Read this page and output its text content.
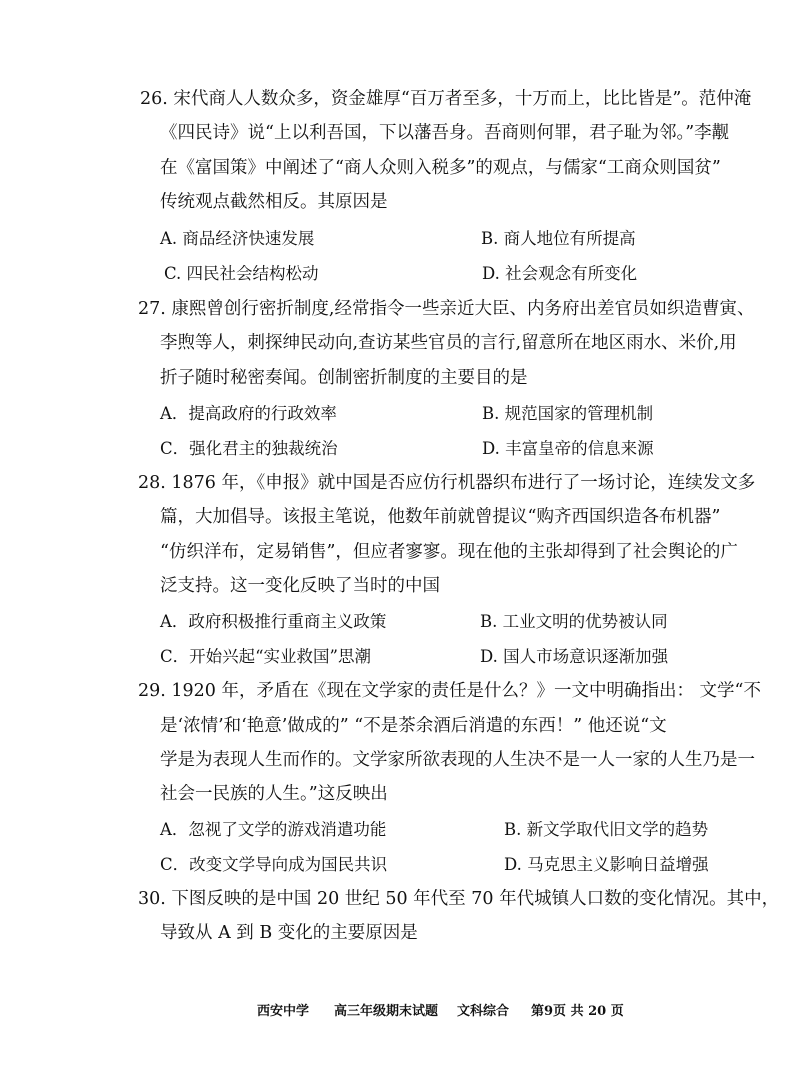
26. 宋代商人人数众多，资金雄厚“百万者至多，十万而上，比比皆是”。范仲淹
《四民诗》说“上以利吾国，下以藩吾身。吾商则何罪，君子耻为邻。”李觏
在《富国策》中阐述了“商人众则入税多”的观点，与儒家“工商众则国贫”
传统观点截然相反。其原因是
A. 商品经济快速发展	B. 商人地位有所提高
C. 四民社会结构松动	D. 社会观念有所变化
27. 康熙曾创行密折制度,经常指令一些亲近大臣、内务府出差官员如织造曹寅、
李煦等人，刺探绅民动向,查访某些官员的言行,留意所在地区雨水、米价,用
折子随时秘密奏闻。创制密折制度的主要目的是
A．提高政府的行政效率	B. 规范国家的管理机制
C．强化君主的独裁统治	D. 丰富皇帝的信息来源
28. 1876 年，《申报》就中国是否应仿行机器织布进行了一场讨论，连续发文多
篇，大加倡导。该报主笔说，他数年前就曾提议“购齐西国织造各布机器”
“仿织洋布，定易销售”，但应者寥寥。现在他的主张却得到了社会舆论的广
泛支持。这一变化反映了当时的中国
A．政府积极推行重商主义政策	B. 工业文明的优势被认同
C．开始兴起“实业救国”思潮	D. 国人市场意识逐渐加强
29. 1920 年，矛盾在《现在文学家的责任是什么？》一文中明确指出： 文学“不
是‘浓情’和‘艳意’做成的” “不是茶余酒后消遣的东西！” 他还说“文
学是为表现人生而作的。文学家所欲表现的人生决不是一人一家的人生乃是一
社会一民族的人生。”这反映出
A．忽视了文学的游戏消遣功能	B. 新文学取代旧文学的趋势
C．改变文学导向成为国民共识	D. 马克思主义影响日益增强
30. 下图反映的是中国 20 世纪 50 年代至 70 年代城镇人口数的变化情况。其中，
导致从 A 到 B 变化的主要原因是
西安中学 高三年级期末试题 文科综合 第9页 共 20 页
